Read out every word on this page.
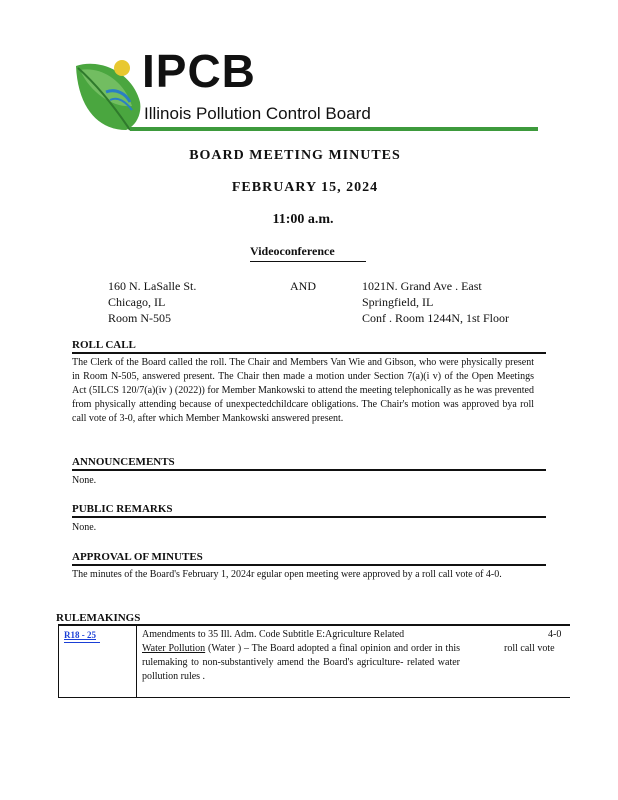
IPCB
Illinois Pollution Control Board
BOARD MEETING MINUTES
FEBRUARY 15, 2024
11:00 a.m.
Videoconference
160 N. LaSalle St.
Chicago, IL
Room N-505
AND	1021N. Grand Ave . East
Springfield, IL
Conf . Room 1244N, 1st Floor
ROLL CALL
The Clerk of the Board called the roll. The Chair and Members Van Wie and Gibson, who were physically present in Room N-505, answered present. The Chair then made a motion under Section 7(a)(i v) of the Open Meetings Act (5ILCS 120/7(a)(iv ) (2022)) for Member Mankowski to attend the meeting telephonically as he was prevented from physically attending because of unexpectedchildcare obligations. The Chair's motion was approved bya roll call vote of 3-0, after which Member Mankowski answered present.
ANNOUNCEMENTS
None.
PUBLIC REMARKS
None.
APPROVAL OF MINUTES
The minutes of the Board's February 1, 2024r egular open meeting were approved by a roll call vote of 4-0.
RULEMAKINGS
R18 - 25	Amendments to 35 Ill. Adm. Code Subtitle E:Agriculture Related
Water Pollution (Water ) – The Board adopted a final opinion and order in this rulemaking to non-substantively amend the Board's agriculture- related water pollution rules .
4-0
roll call vote
